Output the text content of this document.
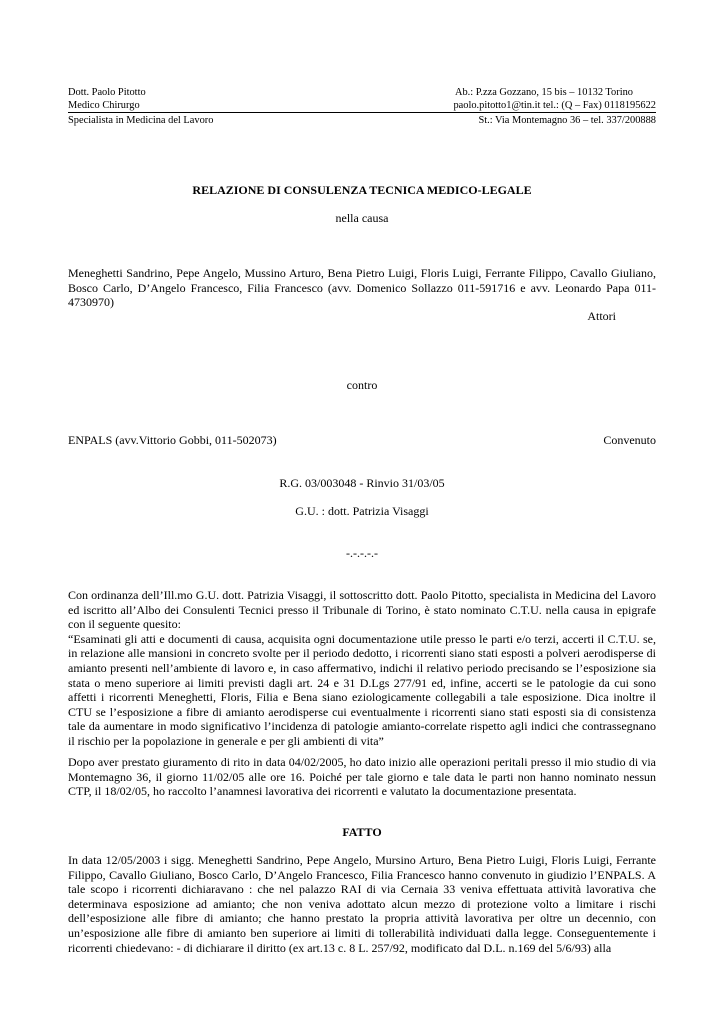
Dott. Paolo Pitotto
Medico Chirurgo
Specialista in Medicina del Lavoro
Ab.: P.zza Gozzano, 15 bis – 10132 Torino
paolo.pitotto1@tin.it tel.: (Q – Fax) 0118195622
St.: Via Montemagno 36 – tel. 337/200888
RELAZIONE DI CONSULENZA TECNICA MEDICO-LEGALE
nella causa

Meneghetti Sandrino, Pepe Angelo, Mussino Arturo, Bena Pietro Luigi, Floris Luigi, Ferrante Filippo, Cavallo Giuliano, Bosco Carlo, D’Angelo Francesco, Filia Francesco (avv. Domenico Sollazzo 011-591716 e avv. Leonardo Papa 011-4730970)

Attori
contro
ENPALS (avv.Vittorio Gobbi, 011-502073)	Convenuto
R.G. 03/003048 - Rinvio 31/03/05
G.U. : dott. Patrizia Visaggi
-.-.-.-.-

Con ordinanza dell’Ill.mo G.U. dott. Patrizia Visaggi, il sottoscritto dott. Paolo Pitotto, specialista in Medicina del Lavoro ed iscritto all’Albo dei Consulenti Tecnici presso il Tribunale di Torino, è stato nominato C.T.U. nella causa in epigrafe con il seguente quesito:

“Esaminati gli atti e documenti di causa, acquisita ogni documentazione utile presso le parti e/o terzi, accerti il C.T.U. se, in relazione alle mansioni in concreto svolte per il periodo dedotto, i ricorrenti siano stati esposti a polveri aerodisperse di amianto presenti nell’ambiente di lavoro e, in caso affermativo, indichi il relativo periodo precisando se l’esposizione sia stata o meno superiore ai limiti previsti dagli art. 24 e 31 D.Lgs 277/91 ed, infine, accerti se le patologie da cui sono affetti i ricorrenti Meneghetti, Floris, Filia e Bena siano eziologicamente collegabili a tale esposizione. Dica inoltre il CTU se l’esposizione a fibre di amianto aerodisperse cui eventualmente i ricorrenti siano stati esposti sia di consistenza tale da aumentare in modo significativo l’incidenza di patologie amianto-correlate rispetto agli indici che contrassegnano il rischio per la popolazione in generale e per gli ambienti di vita”

Dopo aver prestato giuramento di rito in data 04/02/2005, ho dato inizio alle operazioni peritali presso il mio studio di via Montemagno 36, il giorno 11/02/05 alle ore 16. Poiché per tale giorno e tale data le parti non hanno nominato nessun CTP, il 18/02/05, ho raccolto l’anamnesi lavorativa dei ricorrenti e valutato la documentazione presentata.

FATTO

In data 12/05/2003 i sigg. Meneghetti Sandrino, Pepe Angelo, Mursino Arturo, Bena Pietro Luigi, Floris Luigi, Ferrante Filippo, Cavallo Giuliano, Bosco Carlo, D’Angelo Francesco, Filia Francesco hanno convenuto in giudizio l’ENPALS. A tale scopo i ricorrenti dichiaravano : che nel palazzo RAI di via Cernaia 33 veniva effettuata attività lavorativa che determinava esposizione ad amianto; che non veniva adottato alcun mezzo di protezione volto a limitare i rischi dell’esposizione alle fibre di amianto; che hanno prestato la propria attività lavorativa per oltre un decennio, con un’esposizione alle fibre di amianto ben superiore ai limiti di tollerabilità individuati dalla legge. Conseguentemente i ricorrenti chiedevano: - di dichiarare il diritto (ex art.13 c. 8 L. 257/92, modificato dal D.L. n.169 del 5/6/93) alla
